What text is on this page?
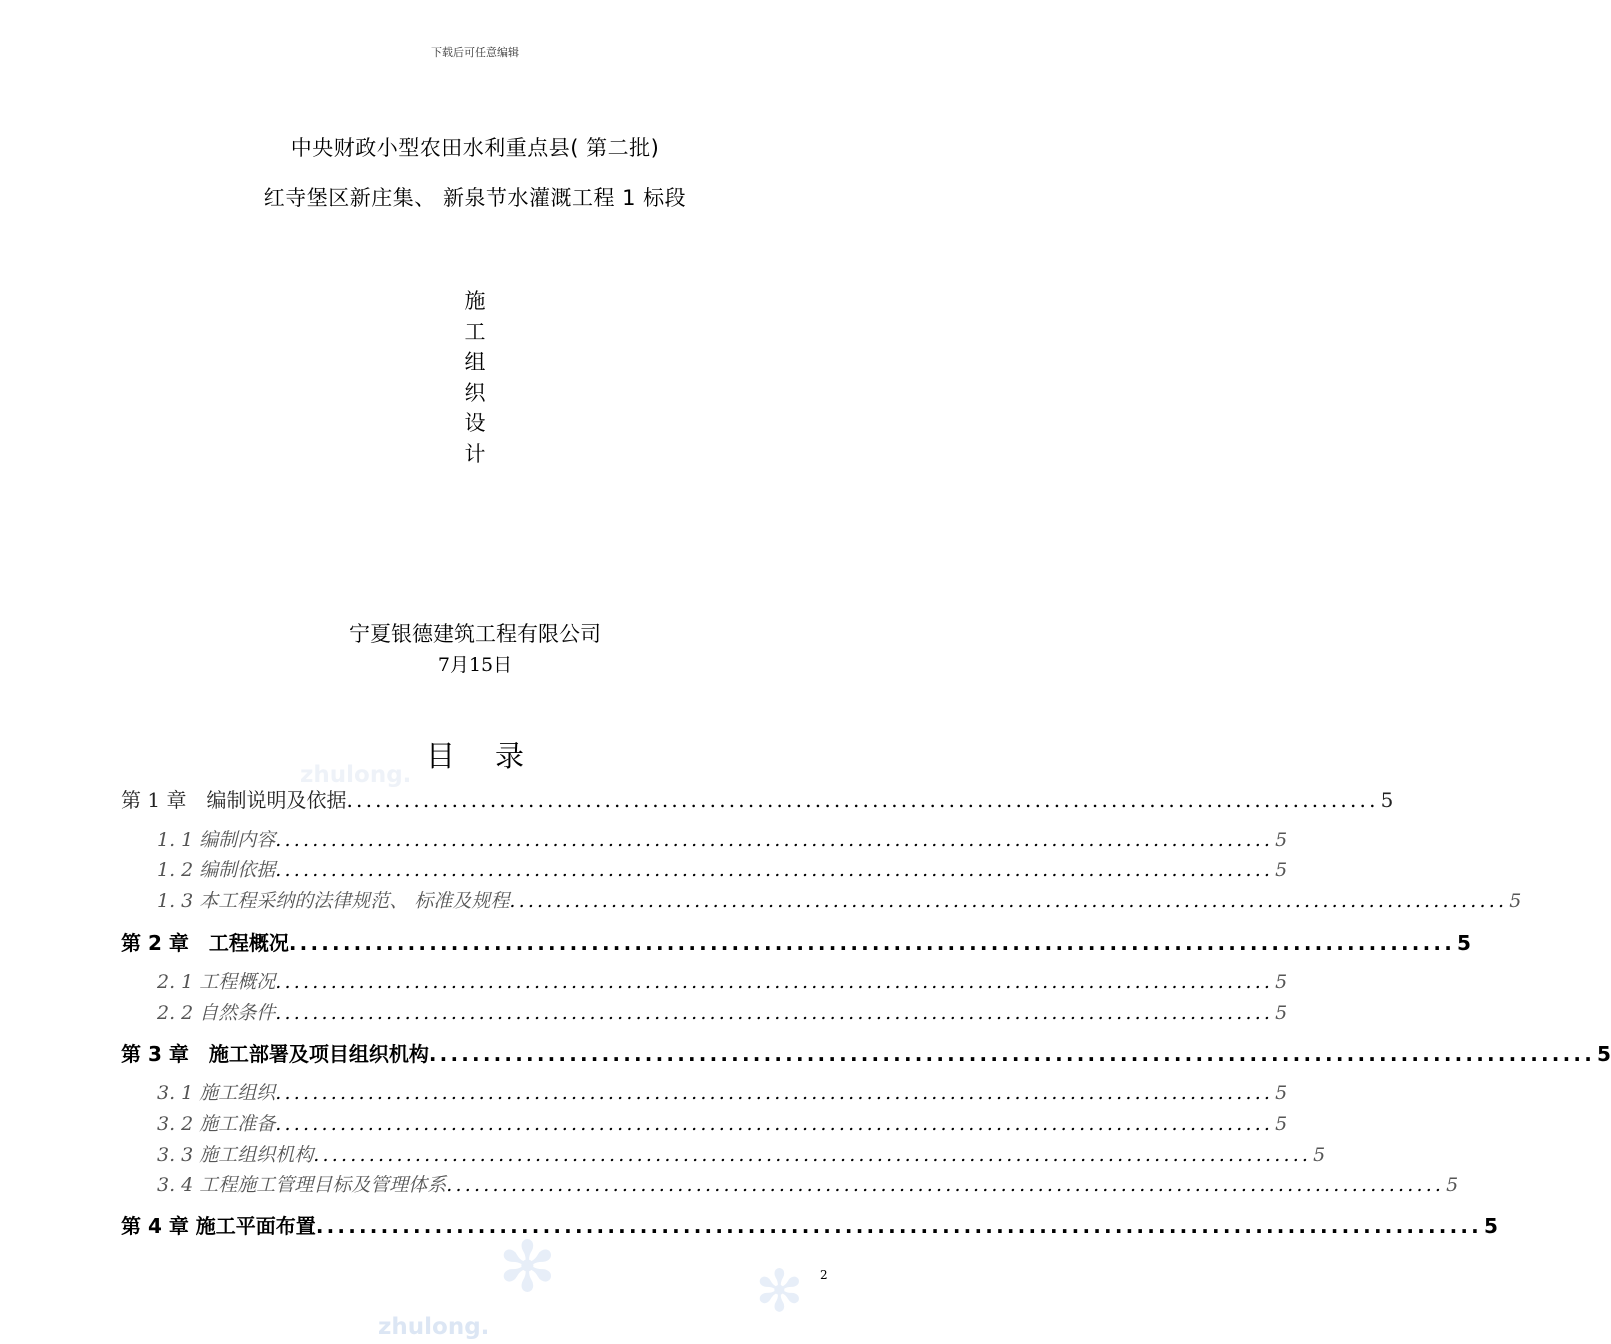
下载后可任意编辑
中央财政小型农田水利重点县( 第二批)
红寺堡区新庄集、 新泉节水灌溉工程 1 标段
施
工
组
织
设
计
宁夏银德建筑工程有限公司
7月15日
目录
zhulong.
✻	✻
zhulong.
第 1 章　编制说明及依据 ............................................................................................................ 5
1. 1 编制内容 ............................................................................................................ 5
1. 2 编制依据 ............................................................................................................ 5
1. 3 本工程采纳的法律规范、 标准及规程 ............................................................................................................ 5
第 2 章　工程概况 ............................................................................................................ 5
2. 1 工程概况 ............................................................................................................ 5
2. 2 自然条件 ............................................................................................................ 5
第 3 章　施工部署及项目组织机构 ............................................................................................................ 5
3. 1 施工组织 ............................................................................................................ 5
3. 2 施工准备 ............................................................................................................ 5
3. 3 施工组织机构 ............................................................................................................ 5
3. 4 工程施工管理目标及管理体系 ............................................................................................................ 5
第 4 章 施工平面布置 ............................................................................................................ 5
2
